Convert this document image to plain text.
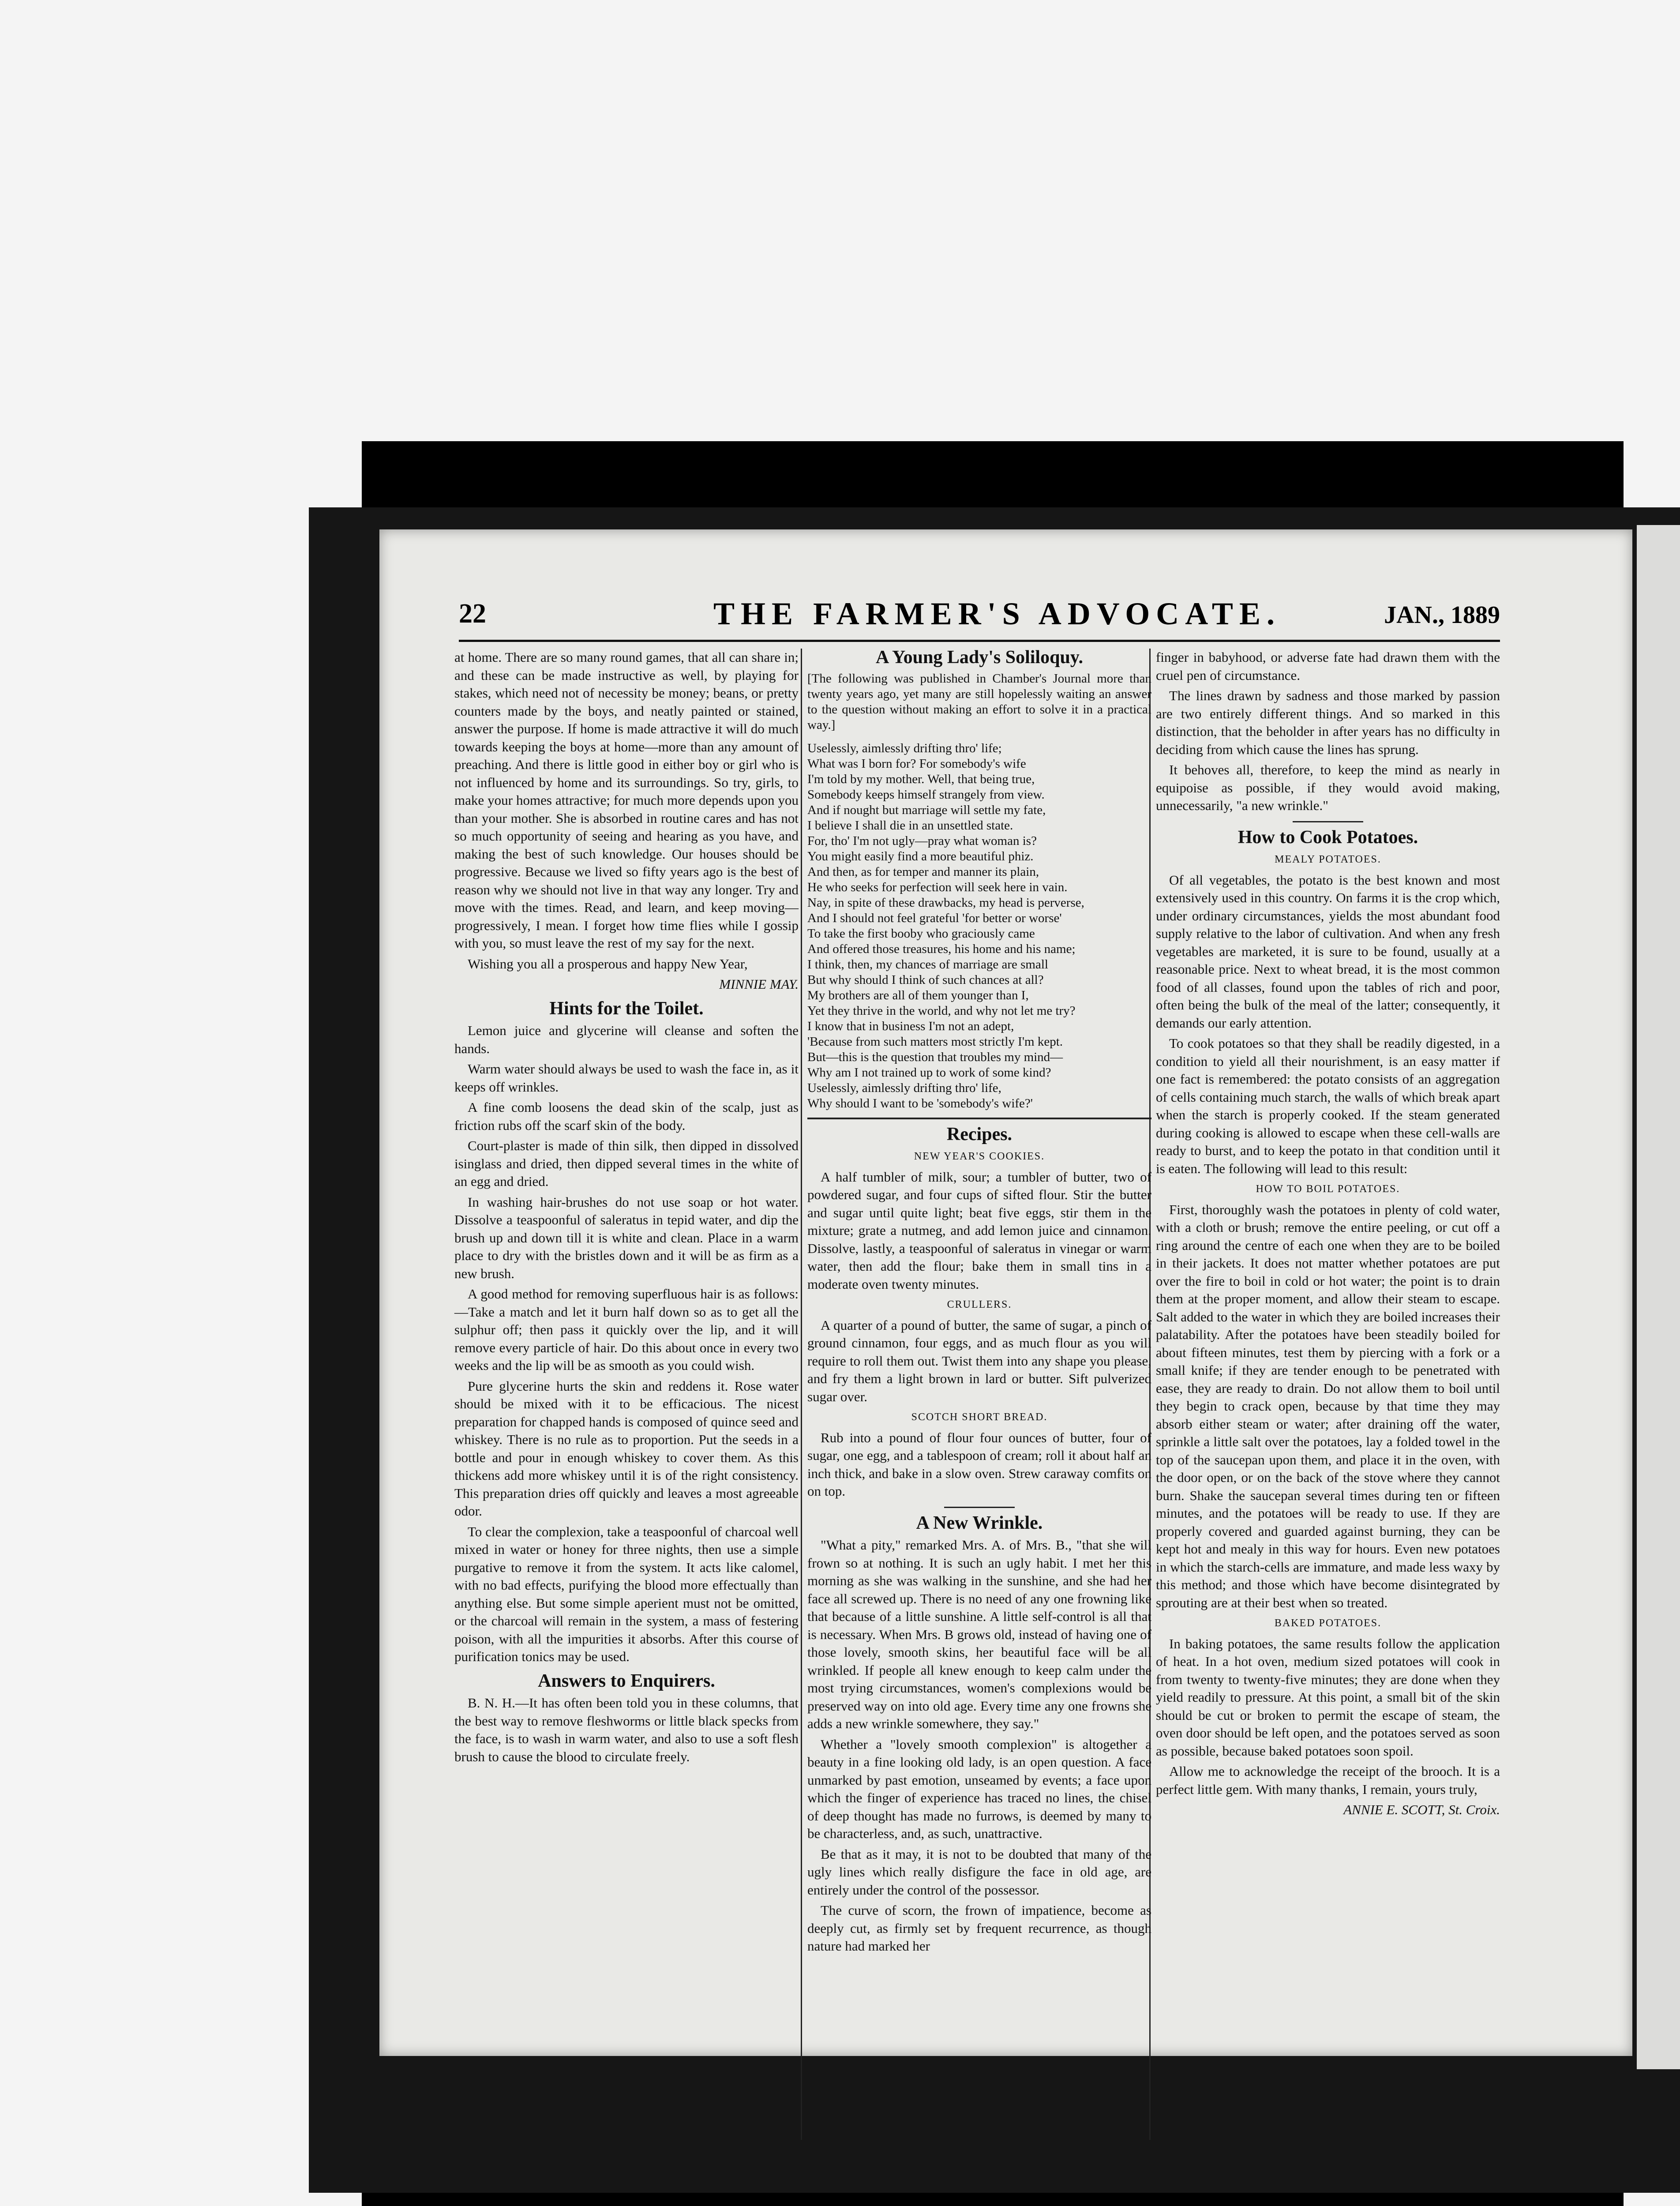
22	THE FARMER'S ADVOCATE.	JAN., 1889

at home. There are so many round games, that all can share in; and these can be made instructive as well, by playing for stakes, which need not of necessity be money; beans, or pretty counters made by the boys, and neatly painted or stained, answer the purpose. If home is made attractive it will do much towards keeping the boys at home—more than any amount of preaching. And there is little good in either boy or girl who is not influenced by home and its surroundings. So try, girls, to make your homes attractive; for much more depends upon you than your mother. She is absorbed in routine cares and has not so much opportunity of seeing and hearing as you have, and making the best of such knowledge. Our houses should be progressive. Because we lived so fifty years ago is the best of reason why we should not live in that way any longer. Try and move with the times. Read, and learn, and keep moving—progressively, I mean. I forget how time flies while I gossip with you, so must leave the rest of my say for the next.

Wishing you all a prosperous and happy New Year,

MINNIE MAY.
Hints for the Toilet.

Lemon juice and glycerine will cleanse and soften the hands.

Warm water should always be used to wash the face in, as it keeps off wrinkles.

A fine comb loosens the dead skin of the scalp, just as friction rubs off the scarf skin of the body.

Court-plaster is made of thin silk, then dipped in dissolved isinglass and dried, then dipped several times in the white of an egg and dried.

In washing hair-brushes do not use soap or hot water. Dissolve a teaspoonful of saleratus in tepid water, and dip the brush up and down till it is white and clean. Place in a warm place to dry with the bristles down and it will be as firm as a new brush.

A good method for removing superfluous hair is as follows:—Take a match and let it burn half down so as to get all the sulphur off; then pass it quickly over the lip, and it will remove every particle of hair. Do this about once in every two weeks and the lip will be as smooth as you could wish.

Pure glycerine hurts the skin and reddens it. Rose water should be mixed with it to be efficacious. The nicest preparation for chapped hands is composed of quince seed and whiskey. There is no rule as to proportion. Put the seeds in a bottle and pour in enough whiskey to cover them. As this thickens add more whiskey until it is of the right consistency. This preparation dries off quickly and leaves a most agreeable odor.

To clear the complexion, take a teaspoonful of charcoal well mixed in water or honey for three nights, then use a simple purgative to remove it from the system. It acts like calomel, with no bad effects, purifying the blood more effectually than anything else. But some simple aperient must not be omitted, or the charcoal will remain in the system, a mass of festering poison, with all the impurities it absorbs. After this course of purification tonics may be used.

Answers to Enquirers.

B. N. H.—It has often been told you in these columns, that the best way to remove fleshworms or little black specks from the face, is to wash in warm water, and also to use a soft flesh brush to cause the blood to circulate freely.

A Young Lady's Soliloquy.
[The following was published in Chamber's Journal more than twenty years ago, yet many are still hopelessly waiting an answer to the question without making an effort to solve it in a practical way.]
Uselessly, aimlessly drifting thro' life;
What was I born for? For somebody's wife
I'm told by my mother. Well, that being true,
Somebody keeps himself strangely from view.
And if nought but marriage will settle my fate,
I believe I shall die in an unsettled state.
For, tho' I'm not ugly—pray what woman is?
You might easily find a more beautiful phiz.
And then, as for temper and manner its plain,
He who seeks for perfection will seek here in vain.
Nay, in spite of these drawbacks, my head is perverse,
And I should not feel grateful 'for better or worse'
To take the first booby who graciously came
And offered those treasures, his home and his name;
I think, then, my chances of marriage are small
But why should I think of such chances at all?
My brothers are all of them younger than I,
Yet they thrive in the world, and why not let me try?
I know that in business I'm not an adept,
'Because from such matters most strictly I'm kept.
But—this is the question that troubles my mind—
Why am I not trained up to work of some kind?
Uselessly, aimlessly drifting thro' life,
Why should I want to be 'somebody's wife?'
Recipes.
NEW YEAR'S COOKIES.

A half tumbler of milk, sour; a tumbler of butter, two of powdered sugar, and four cups of sifted flour. Stir the butter and sugar until quite light; beat five eggs, stir them in the mixture; grate a nutmeg, and add lemon juice and cinnamon. Dissolve, lastly, a teaspoonful of saleratus in vinegar or warm water, then add the flour; bake them in small tins in a moderate oven twenty minutes.

CRULLERS.

A quarter of a pound of butter, the same of sugar, a pinch of ground cinnamon, four eggs, and as much flour as you will require to roll them out. Twist them into any shape you please, and fry them a light brown in lard or butter. Sift pulverized sugar over.

SCOTCH SHORT BREAD.

Rub into a pound of flour four ounces of butter, four of sugar, one egg, and a tablespoon of cream; roll it about half an inch thick, and bake in a slow oven. Strew caraway comfits on on top.

A New Wrinkle.

"What a pity," remarked Mrs. A. of Mrs. B., "that she will frown so at nothing. It is such an ugly habit. I met her this morning as she was walking in the sunshine, and she had her face all screwed up. There is no need of any one frowning like that because of a little sunshine. A little self-control is all that is necessary. When Mrs. B grows old, instead of having one of those lovely, smooth skins, her beautiful face will be all wrinkled. If people all knew enough to keep calm under the most trying circumstances, women's complexions would be preserved way on into old age. Every time any one frowns she adds a new wrinkle somewhere, they say."

Whether a "lovely smooth complexion" is altogether a beauty in a fine looking old lady, is an open question. A face unmarked by past emotion, unseamed by events; a face upon which the finger of experience has traced no lines, the chisel of deep thought has made no furrows, is deemed by many to be characterless, and, as such, unattractive.

Be that as it may, it is not to be doubted that many of the ugly lines which really disfigure the face in old age, are entirely under the control of the possessor.

The curve of scorn, the frown of impatience, become as deeply cut, as firmly set by frequent recurrence, as though nature had marked her

finger in babyhood, or adverse fate had drawn them with the cruel pen of circumstance.

The lines drawn by sadness and those marked by passion are two entirely different things. And so marked in this distinction, that the beholder in after years has no difficulty in deciding from which cause the lines has sprung.

It behoves all, therefore, to keep the mind as nearly in equipoise as possible, if they would avoid making, unnecessarily, "a new wrinkle."

How to Cook Potatoes.
MEALY POTATOES.

Of all vegetables, the potato is the best known and most extensively used in this country. On farms it is the crop which, under ordinary circumstances, yields the most abundant food supply relative to the labor of cultivation. And when any fresh vegetables are marketed, it is sure to be found, usually at a reasonable price. Next to wheat bread, it is the most common food of all classes, found upon the tables of rich and poor, often being the bulk of the meal of the latter; consequently, it demands our early attention.

To cook potatoes so that they shall be readily digested, in a condition to yield all their nourishment, is an easy matter if one fact is remembered: the potato consists of an aggregation of cells containing much starch, the walls of which break apart when the starch is properly cooked. If the steam generated during cooking is allowed to escape when these cell-walls are ready to burst, and to keep the potato in that condition until it is eaten. The following will lead to this result:

HOW TO BOIL POTATOES.

First, thoroughly wash the potatoes in plenty of cold water, with a cloth or brush; remove the entire peeling, or cut off a ring around the centre of each one when they are to be boiled in their jackets. It does not matter whether potatoes are put over the fire to boil in cold or hot water; the point is to drain them at the proper moment, and allow their steam to escape. Salt added to the water in which they are boiled increases their palatability. After the potatoes have been steadily boiled for about fifteen minutes, test them by piercing with a fork or a small knife; if they are tender enough to be penetrated with ease, they are ready to drain. Do not allow them to boil until they begin to crack open, because by that time they may absorb either steam or water; after draining off the water, sprinkle a little salt over the potatoes, lay a folded towel in the top of the saucepan upon them, and place it in the oven, with the door open, or on the back of the stove where they cannot burn. Shake the saucepan several times during ten or fifteen minutes, and the potatoes will be ready to use. If they are properly covered and guarded against burning, they can be kept hot and mealy in this way for hours. Even new potatoes in which the starch-cells are immature, and made less waxy by this method; and those which have become disintegrated by sprouting are at their best when so treated.

BAKED POTATOES.

In baking potatoes, the same results follow the application of heat. In a hot oven, medium sized potatoes will cook in from twenty to twenty-five minutes; they are done when they yield readily to pressure. At this point, a small bit of the skin should be cut or broken to permit the escape of steam, the oven door should be left open, and the potatoes served as soon as possible, because baked potatoes soon spoil.

Allow me to acknowledge the receipt of the brooch. It is a perfect little gem. With many thanks, I remain, yours truly,

ANNIE E. SCOTT, St. Croix.
